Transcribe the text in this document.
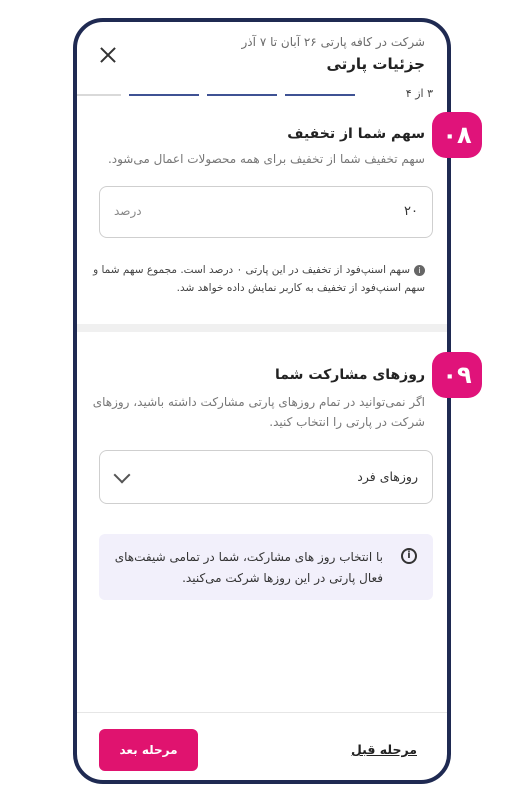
شرکت در کافه پارتی ۲۶ آبان تا ۷ آذر
جزئیات پارتی
۳ از ۴
سهم شما از تخفیف
سهم تخفیف شما از تخفیف برای همه محصولات اعمال می‌شود.
۲۰
درصد
iسهم اسنپ‌فود از تخفیف در این پارتی ۰ درصد است. مجموع سهم شما و سهم اسنپ‌فود از تخفیف به کاربر نمایش داده خواهد شد.
روزهای مشارکت شما
اگر نمی‌توانید در تمام روزهای پارتی مشارکت داشته باشید، روزهای شرکت در پارتی را انتخاب کنید.
روزهای فرد
i
با انتخاب روز های مشارکت، شما در تمامی شیفت‌های فعال پارتی در این روزها شرکت می‌کنید.
مرحله بعد	مرحله قبل
۰۸
۰۹
